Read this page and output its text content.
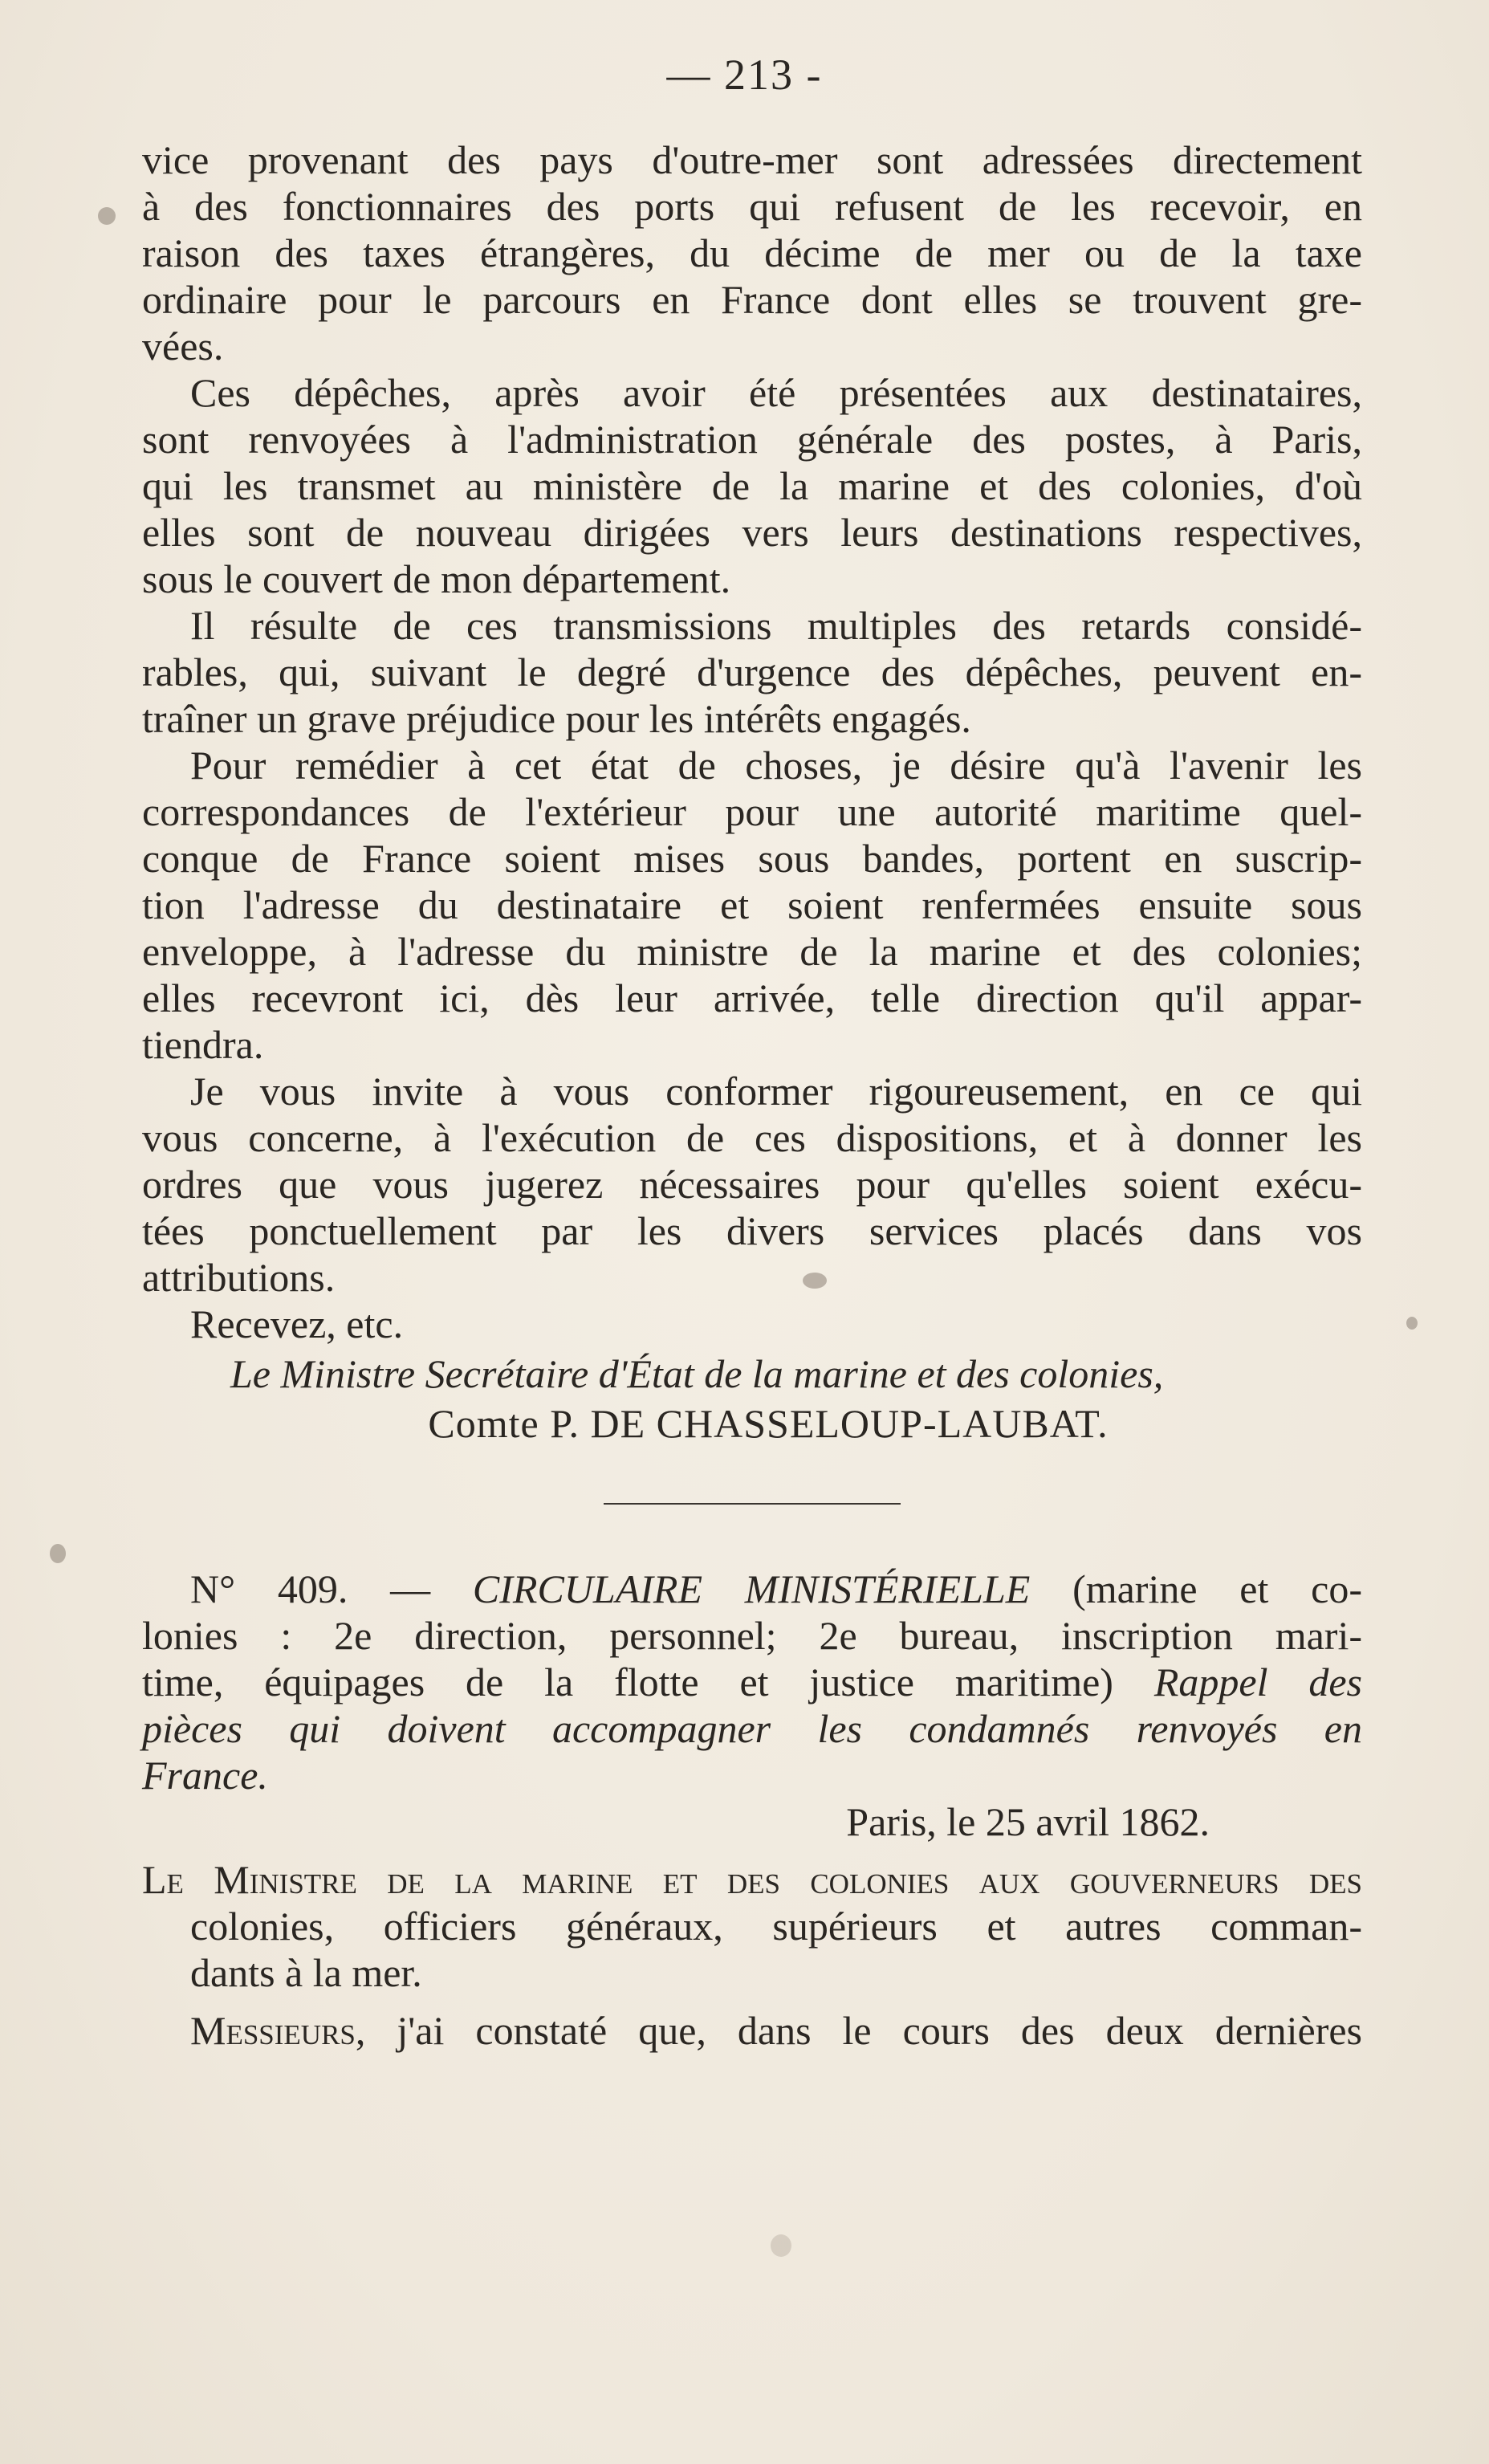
— 213 -

vice provenant des pays d'outre-mer sont adressées directement
à des fonctionnaires des ports qui refusent de les recevoir, en
raison des taxes étrangères, du décime de mer ou de la taxe
ordinaire pour le parcours en France dont elles se trouvent gre-
vées.

Ces dépêches, après avoir été présentées aux destinataires,
sont renvoyées à l'administration générale des postes, à Paris,
qui les transmet au ministère de la marine et des colonies, d'où
elles sont de nouveau dirigées vers leurs destinations respectives,
sous le couvert de mon département.

Il résulte de ces transmissions multiples des retards considé-
rables, qui, suivant le degré d'urgence des dépêches, peuvent en-
traîner un grave préjudice pour les intérêts engagés.

Pour remédier à cet état de choses, je désire qu'à l'avenir les
correspondances de l'extérieur pour une autorité maritime quel-
conque de France soient mises sous bandes, portent en suscrip-
tion l'adresse du destinataire et soient renfermées ensuite sous
enveloppe, à l'adresse du ministre de la marine et des colonies;
elles recevront ici, dès leur arrivée, telle direction qu'il appar-
tiendra.

Je vous invite à vous conformer rigoureusement, en ce qui
vous concerne, à l'exécution de ces dispositions, et à donner les
ordres que vous jugerez nécessaires pour qu'elles soient exécu-
tées ponctuellement par les divers services placés dans vos
attributions.

Recevez, etc.

Le Ministre Secrétaire d'État de la marine et des colonies,
Comte P. DE CHASSELOUP-LAUBAT.

N° 409. — CIRCULAIRE MINISTÉRIELLE (marine et co-
lonies : 2e direction, personnel; 2e bureau, inscription mari-
time, équipages de la flotte et justice maritime) Rappel des
pièces qui doivent accompagner les condamnés renvoyés en
France.

Paris, le 25 avril 1862.

Le Ministre de la marine et des colonies aux gouverneurs des
colonies, officiers généraux, supérieurs et autres comman-
dants à la mer.

Messieurs, j'ai constaté que, dans le cours des deux dernières
